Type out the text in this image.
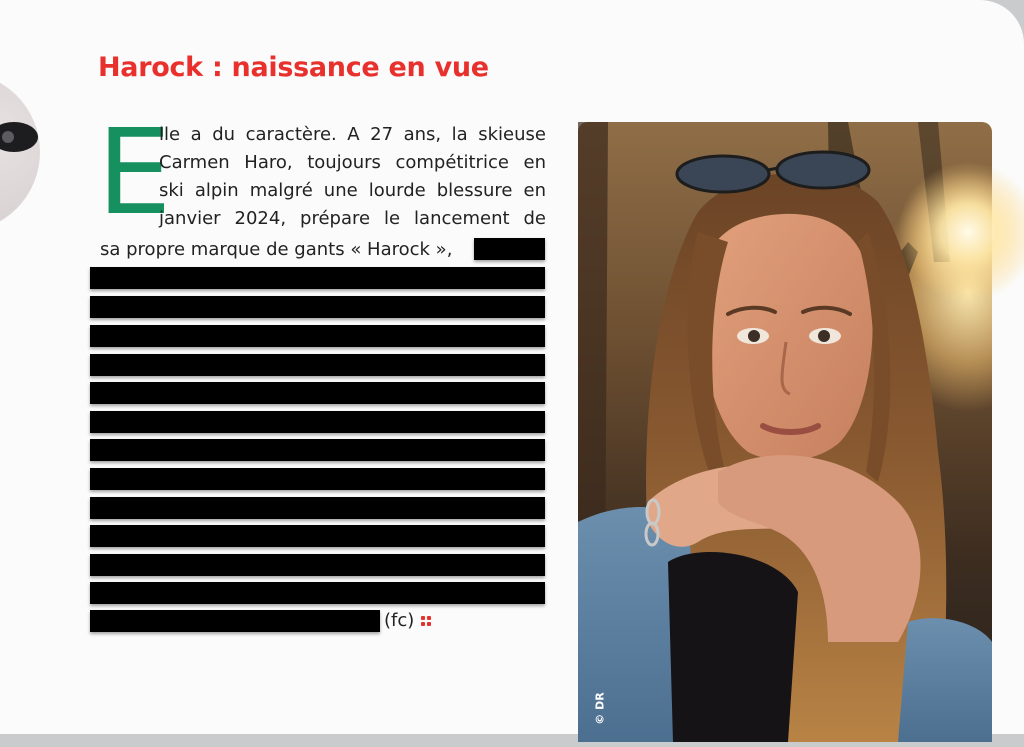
Harock : naissance en vue
E
lle a du caractère. A 27 ans, la skieuse
Carmen Haro, toujours compétitrice en
ski alpin malgré une lourde blessure en
janvier 2024, prépare le lancement de
sa propre marque de gants « Harock »,
(fc)
© DR
